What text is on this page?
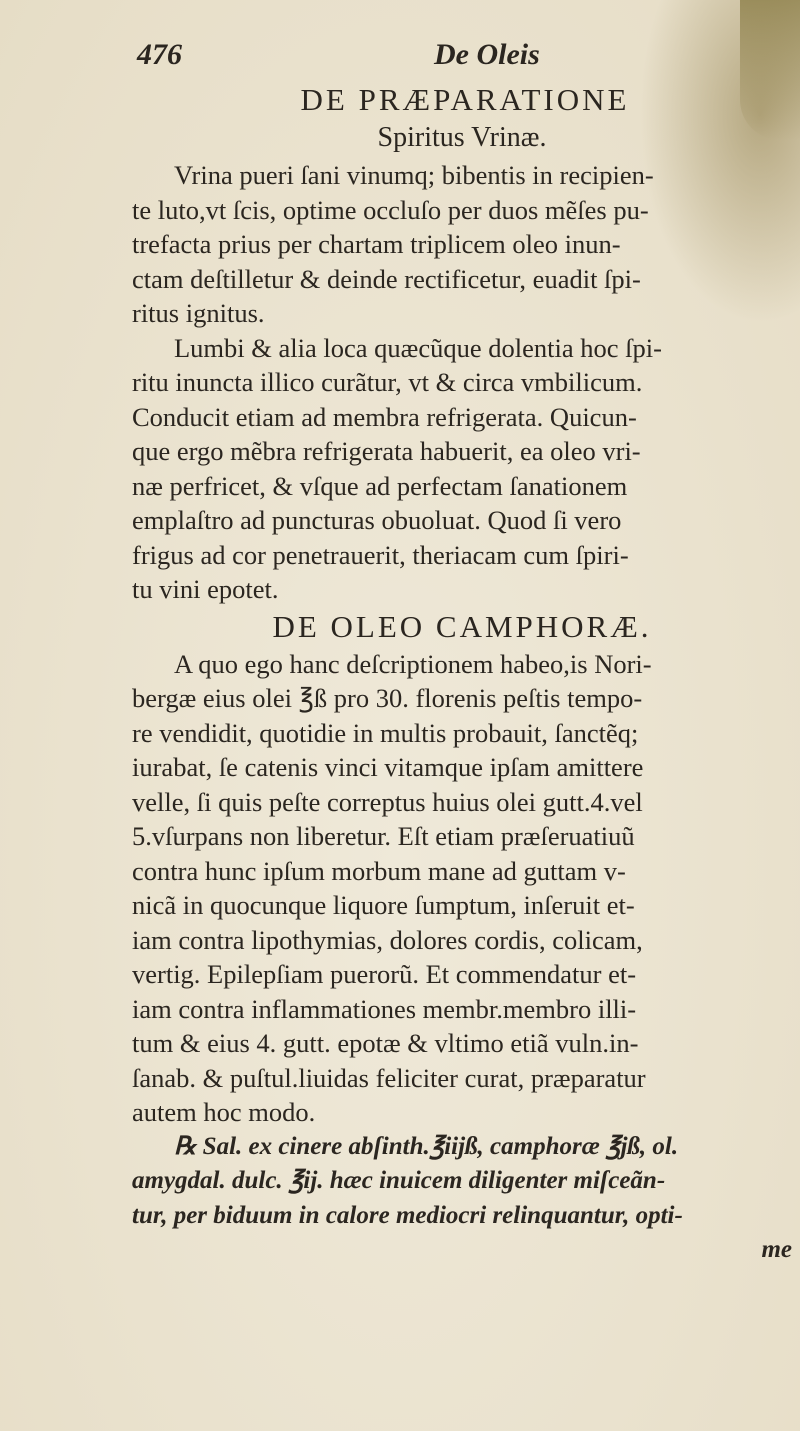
476	De Oleis
DE PRÆPARATIONE
Spiritus Vrinæ.
Vrina pueri ſani vinumq; bibentis in recipien-
te luto,vt ſcis, optime occluſo per duos mẽſes pu-
trefacta prius per chartam triplicem oleo inun-
ctam deſtilletur & deinde rectificetur, euadit ſpi-
ritus ignitus.
Lumbi & alia loca quæcũque dolentia hoc ſpi-
ritu inuncta illico curãtur, vt & circa vmbilicum.
Conducit etiam ad membra refrigerata. Quicun-
que ergo mẽbra refrigerata habuerit, ea oleo vri-
næ perfricet, & vſque ad perfectam ſanationem
emplaſtro ad puncturas obuoluat. Quod ſi vero
frigus ad cor penetrauerit, theriacam cum ſpiri-
tu vini epotet.
DE OLEO CAMPHORÆ.
A quo ego hanc deſcriptionem habeo,is Nori-
bergæ eius olei ℥ß pro 30. florenis peſtis tempo-
re vendidit, quotidie in multis probauit, ſanctẽq;
iurabat, ſe catenis vinci vitamque ipſam amittere
velle, ſi quis peſte correptus huius olei gutt.4.vel
5.vſurpans non liberetur. Eſt etiam præſeruatiuũ
contra hunc ipſum morbum mane ad guttam v-
nicã in quocunque liquore ſumptum, inſeruit et-
iam contra lipothymias, dolores cordis, colicam,
vertig. Epilepſiam puerorũ. Et commendatur et-
iam contra inflammationes membr.membro illi-
tum & eius 4. gutt. epotæ & vltimo etiã vuln.in-
ſanab. & puſtul.liuidas feliciter curat, præparatur
autem hoc modo.
℞ Sal. ex cinere abſinth.℥iijß, camphoræ ℥jß, ol.
amygdal. dulc. ℥ij. hæc inuicem diligenter miſceãn-
tur, per biduum in calore mediocri relinquantur, opti-
me
